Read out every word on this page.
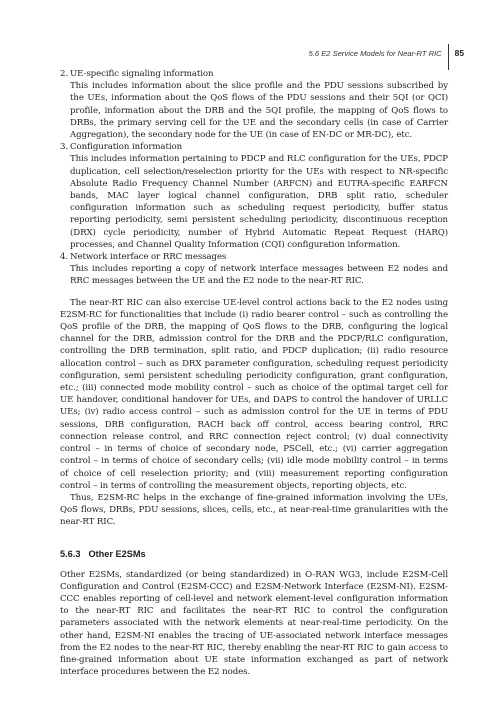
5.6 E2 Service Models for Near-RT RIC 85
2. UE-specific signaling information

This includes information about the slice profile and the PDU sessions subscribed by the UEs, information about the QoS flows of the PDU sessions and their 5QI (or QCI) profile, information about the DRB and the 5QI profile, the mapping of QoS flows to DRBs, the primary serving cell for the UE and the secondary cells (in case of Carrier Aggregation), the secondary node for the UE (in case of EN-DC or MR-DC), etc.

3. Configuration information

This includes information pertaining to PDCP and RLC configuration for the UEs, PDCP duplication, cell selection/reselection priority for the UEs with respect to NR-specific Absolute Radio Frequency Channel Number (ARFCN) and EUTRA-specific EARFCN bands, MAC layer logical channel configuration, DRB split ratio, scheduler configuration information such as scheduling request periodicity, buffer status reporting periodicity, semi persistent scheduling periodicity, discontinuous reception (DRX) cycle periodicity, number of Hybrid Automatic Repeat Request (HARQ) processes, and Channel Quality Information (CQI) configuration information.

4. Network interface or RRC messages

This includes reporting a copy of network interface messages between E2 nodes and RRC messages between the UE and the E2 node to the near-RT RIC.

The near-RT RIC can also exercise UE-level control actions back to the E2 nodes using E2SM-RC for functionalities that include (i) radio bearer control – such as controlling the QoS profile of the DRB, the mapping of QoS flows to the DRB, configuring the logical channel for the DRB, admission control for the DRB and the PDCP/RLC configuration, controlling the DRB termination, split ratio, and PDCP duplication; (ii) radio resource allocation control – such as DRX parameter configuration, scheduling request periodicity configuration, semi persistent scheduling periodicity configuration, grant configuration, etc.; (iii) connected mode mobility control – such as choice of the optimal target cell for UE handover, conditional handover for UEs, and DAPS to control the handover of URLLC UEs; (iv) radio access control – such as admission control for the UE in terms of PDU sessions, DRB configuration, RACH back off control, access bearing control, RRC connection release control, and RRC connection reject control; (v) dual connectivity control – in terms of choice of secondary node, PSCell, etc.; (vi) carrier aggregation control – in terms of choice of secondary cells; (vii) idle mode mobility control – in terms of choice of cell reselection priority; and (viii) measurement reporting configuration control – in terms of controlling the measurement objects, reporting objects, etc.

Thus, E2SM-RC helps in the exchange of fine-grained information involving the UEs, QoS flows, DRBs, PDU sessions, slices, cells, etc., at near-real-time granularities with the near-RT RIC.

5.6.3 Other E2SMs

Other E2SMs, standardized (or being standardized) in O-RAN WG3, include E2SM-Cell Configuration and Control (E2SM-CCC) and E2SM-Network Interface (E2SM-NI). E2SM-CCC enables reporting of cell-level and network element-level configuration information to the near-RT RIC and facilitates the near-RT RIC to control the configuration parameters associated with the network elements at near-real-time periodicity. On the other hand, E2SM-NI enables the tracing of UE-associated network interface messages from the E2 nodes to the near-RT RIC, thereby enabling the near-RT RIC to gain access to fine-grained information about UE state information exchanged as part of network interface procedures between the E2 nodes.
